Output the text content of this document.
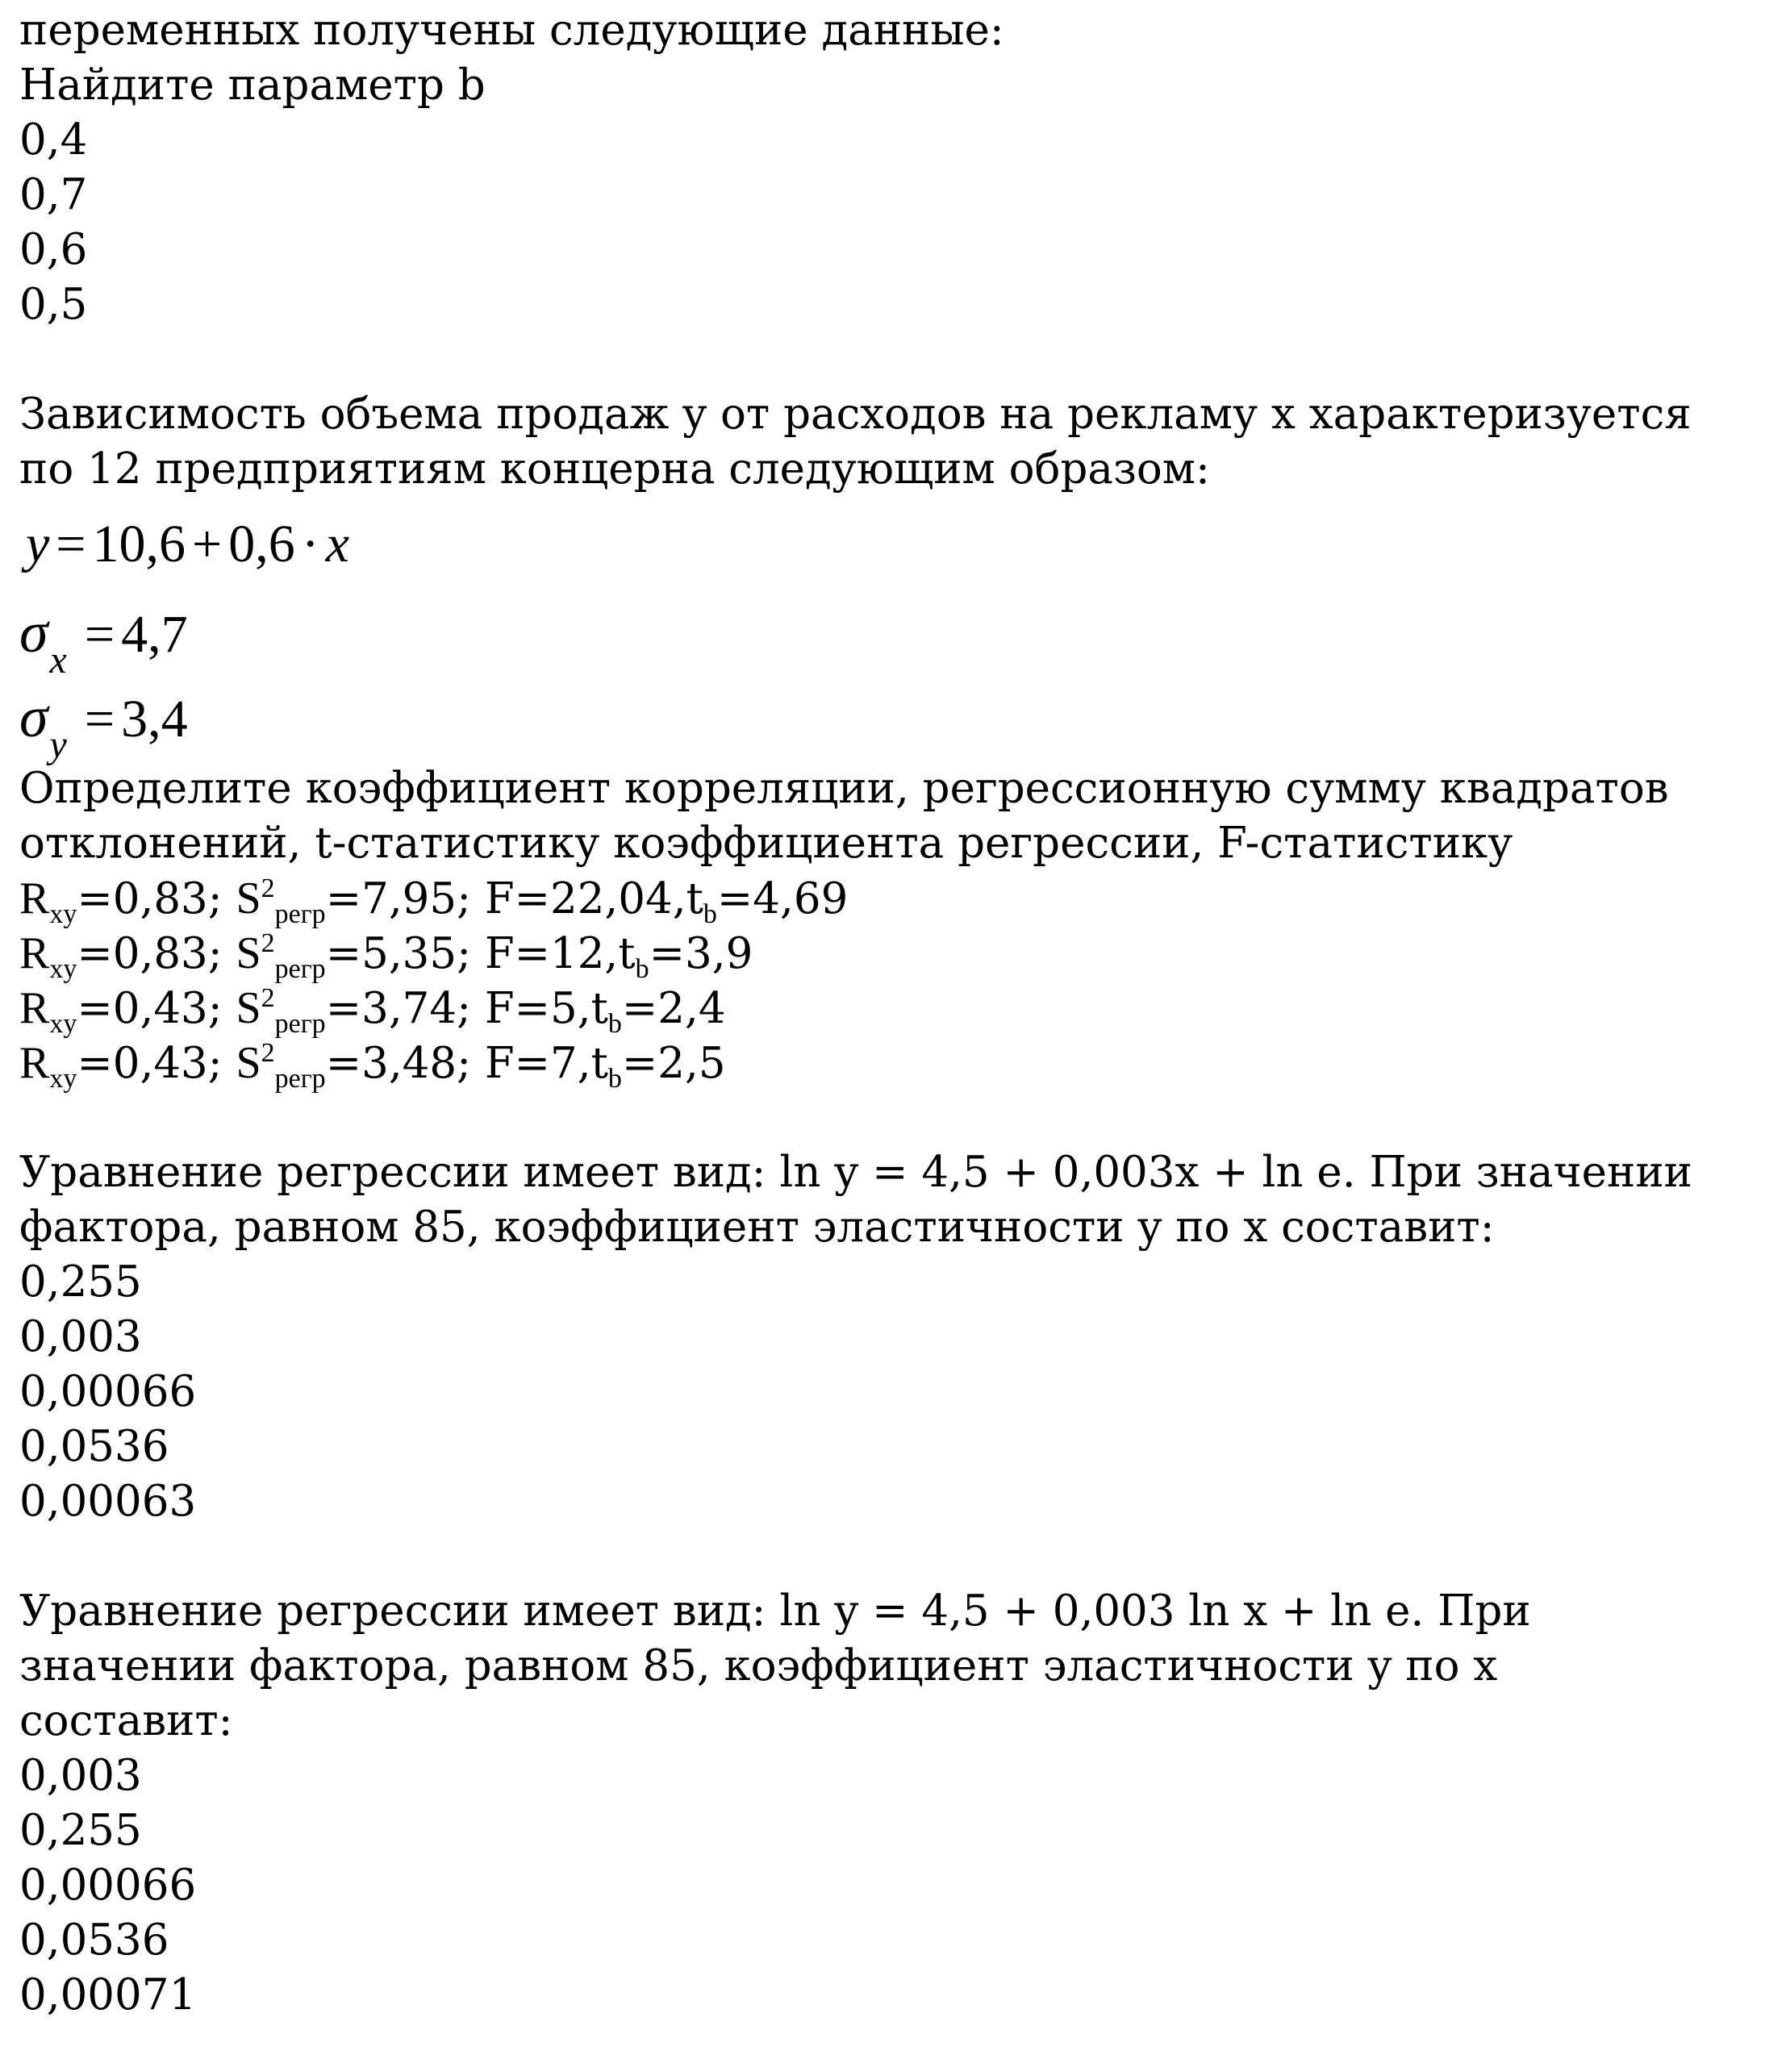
переменных получены следующие данные:
Найдите параметр b
0,4
0,7
0,6
0,5
Зависимость объема продаж y от расходов на рекламу x характеризуется
по 12 предприятиям концерна следующим образом:
y = 10,6 + 0,6 · x
$\sigma_x = 4,7$
$\sigma_y = 3,4$
Определите коэффициент корреляции, регрессионную сумму квадратов
отклонений, t-статистику коэффициента регрессии, F-статистику
$R_{xy}=0,83$; $S^2_{регр}=7,95$; $F=22,04,t_b=4,69$
$R_{xy}=0,83$; $S^2_{регр}=5,35$; $F=12,t_b=3,9$
$R_{xy}=0,43$; $S^2_{регр}=3,74$; $F=5,t_b=2,4$
$R_{xy}=0,43$; $S^2_{регр}=3,48$; $F=7,t_b=2,5$
Уравнение регрессии имеет вид: ln y = 4,5 + 0,003x + ln e. При значении
фактора, равном 85, коэффициент эластичности y по x составит:
0,255
0,003
0,00066
0,0536
0,00063
Уравнение регрессии имеет вид: ln y = 4,5 + 0,003 ln x + ln e. При
значении фактора, равном 85, коэффициент эластичности y по x
составит:
0,003
0,255
0,00066
0,0536
0,00071
